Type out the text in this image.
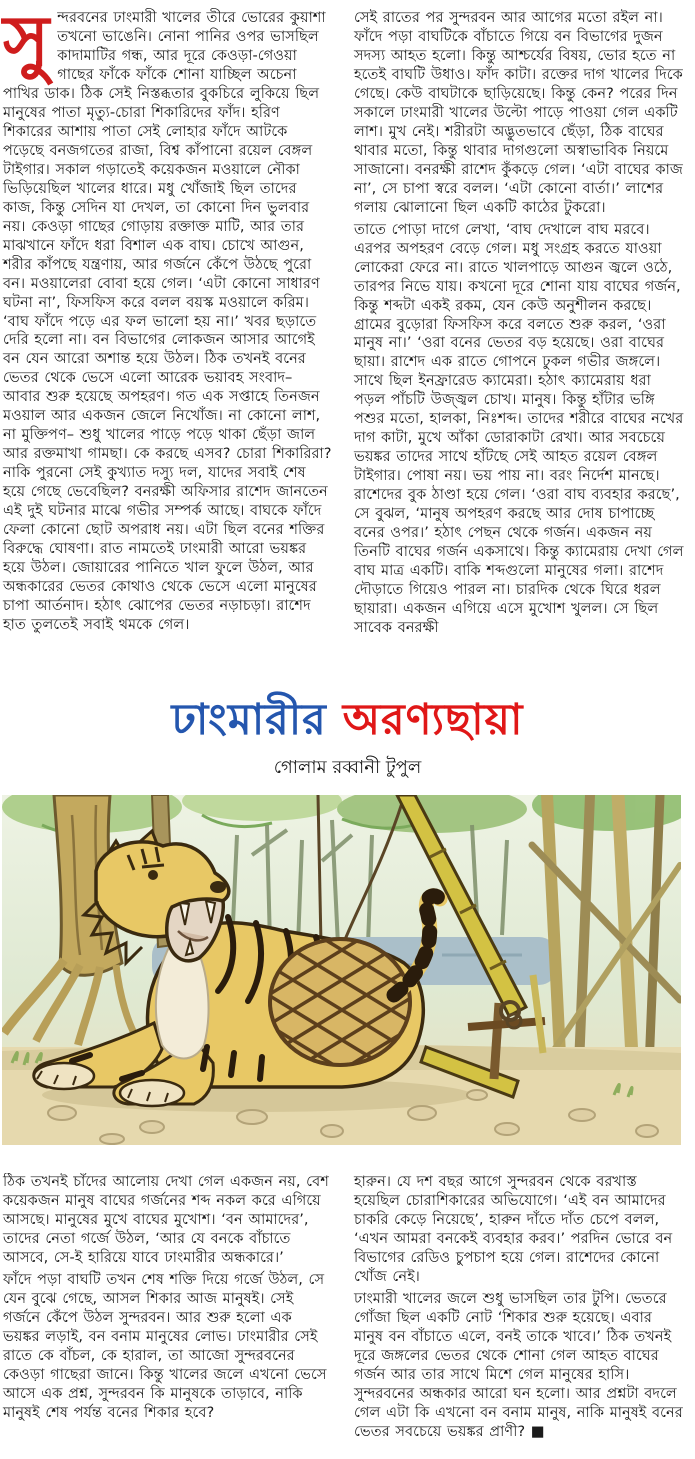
সুন্দরবনের ঢাংমারী খালের তীরে ভোরের কুয়াশা তখনো ভাঙেনি। নোনা পানির ওপর ভাসছিল কাদামাটির গন্ধ, আর দূরে কেওড়া-গেওয়া গাছের ফাঁকে ফাঁকে শোনা যাচ্ছিল অচেনা পাখির ডাক। ঠিক সেই নিস্তব্ধতার বুকচিরে লুকিয়ে ছিল মানুষের পাতা মৃত্যু-চোরা শিকারিদের ফাঁদ। হরিণ শিকারের আশায় পাতা সেই লোহার ফাঁদে আটকে পড়েছে বনজগতের রাজা, বিশ্ব কাঁপানো রয়েল বেঙ্গল টাইগার। সকাল গড়াতেই কয়েকজন মওয়ালে নৌকা ভিড়িয়েছিল খালের ধারে। মধু খোঁজাই ছিল তাদের কাজ, কিন্তু সেদিন যা দেখল, তা কোনো দিন ভুলবার নয়। কেওড়া গাছের গোড়ায় রক্তাক্ত মাটি, আর তার মাঝখানে ফাঁদে ধরা বিশাল এক বাঘ। চোখে আগুন, শরীর কাঁপছে যন্ত্রণায়, আর গর্জনে কেঁপে উঠছে পুরো বন। মওয়ালেরা বোবা হয়ে গেল। ‘এটা কোনো সাধারণ ঘটনা না’, ফিসফিস করে বলল বয়স্ক মওয়ালে করিম। ‘বাঘ ফাঁদে পড়ে এর ফল ভালো হয় না।’ খবর ছড়াতে দেরি হলো না। বন বিভাগের লোকজন আসার আগেই বন যেন আরো অশান্ত হয়ে উঠল। ঠিক তখনই বনের ভেতর থেকে ভেসে এলো আরেক ভয়াবহ সংবাদ– আবার শুরু হয়েছে অপহরণ। গত এক সপ্তাহে তিনজন মওয়াল আর একজন জেলে নিখোঁজ। না কোনো লাশ, না মুক্তিপণ– শুধু খালের পাড়ে পড়ে থাকা ছেঁড়া জাল আর রক্তমাখা গামছা। কে করছে এসব? চোরা শিকারিরা? নাকি পুরনো সেই কুখ্যাত দস্যু দল, যাদের সবাই শেষ হয়ে গেছে ভেবেছিল? বনরক্ষী অফিসার রাশেদ জানতেন এই দুই ঘটনার মাঝে গভীর সম্পর্ক আছে। বাঘকে ফাঁদে ফেলা কোনো ছোট অপরাধ নয়। এটা ছিল বনের শক্তির বিরুদ্ধে ঘোষণা। রাত নামতেই ঢাংমারী আরো ভয়ঙ্কর হয়ে উঠল। জোয়ারের পানিতে খাল ফুলে উঠল, আর অন্ধকারের ভেতর কোথাও থেকে ভেসে এলো মানুষের চাপা আর্তনাদ। হঠাৎ ঝোপের ভেতর নড়াচড়া। রাশেদ হাত তুলতেই সবাই থমকে গেল।

সেই রাতের পর সুন্দরবন আর আগের মতো রইল না। ফাঁদে পড়া বাঘটিকে বাঁচাতে গিয়ে বন বিভাগের দুজন সদস্য আহত হলো। কিন্তু আশ্চর্যের বিষয়, ভোর হতে না হতেই বাঘটি উধাও। ফাঁদ কাটা। রক্তের দাগ খালের দিকে গেছে। কেউ বাঘটাকে ছাড়িয়েছে। কিন্তু কেন? পরের দিন সকালে ঢাংমারী খালের উল্টো পাড়ে পাওয়া গেল একটি লাশ। মুখ নেই। শরীরটা অদ্ভুতভাবে ছেঁড়া, ঠিক বাঘের থাবার মতো, কিন্তু থাবার দাগগুলো অস্বাভাবিক নিয়মে সাজানো। বনরক্ষী রাশেদ কুঁকড়ে গেল। ‘এটা বাঘের কাজ না’, সে চাপা স্বরে বলল। ‘এটা কোনো বার্তা।’ লাশের গলায় ঝোলানো ছিল একটি কাঠের টুকরো।

তাতে পোড়া দাগে লেখা, ‘বাঘ দেখালে বাঘ মরবে। এরপর অপহরণ বেড়ে গেল। মধু সংগ্রহ করতে যাওয়া লোকেরা ফেরে না। রাতে খালপাড়ে আগুন জ্বলে ওঠে, তারপর নিভে যায়। কখনো দূরে শোনা যায় বাঘের গর্জন, কিন্তু শব্দটা একই রকম, যেন কেউ অনুশীলন করছে। গ্রামের বুড়োরা ফিসফিস করে বলতে শুরু করল, ‘ওরা মানুষ না।’ ‘ওরা বনের ভেতর বড় হয়েছে। ওরা বাঘের ছায়া। রাশেদ এক রাতে গোপনে ঢুকল গভীর জঙ্গলে। সাথে ছিল ইনফ্রারেড ক্যামেরা। হঠাৎ ক্যামেরায় ধরা পড়ল পাঁচটি উজ্জ্বল চোখ। মানুষ। কিন্তু হাঁটার ভঙ্গি পশুর মতো, হালকা, নিঃশব্দ। তাদের শরীরে বাঘের নখের দাগ কাটা, মুখে আঁকা ডোরাকাটা রেখা। আর সবচেয়ে ভয়ঙ্কর তাদের সাথে হাঁটছে সেই আহত রয়েল বেঙ্গল টাইগার। পোষা নয়। ভয় পায় না। বরং নির্দেশ মানছে। রাশেদের বুক ঠাণ্ডা হয়ে গেল। ‘ওরা বাঘ ব্যবহার করছে’, সে বুঝল, ‘মানুষ অপহরণ করছে আর দোষ চাপাচ্ছে বনের ওপর।’ হঠাৎ পেছন থেকে গর্জন। একজন নয় তিনটি বাঘের গর্জন একসাথে। কিন্তু ক্যামেরায় দেখা গেল বাঘ মাত্র একটি। বাকি শব্দগুলো মানুষের গলা। রাশেদ দৌড়াতে গিয়েও পারল না। চারদিক থেকে ঘিরে ধরল ছায়ারা। একজন এগিয়ে এসে মুখোশ খুলল। সে ছিল সাবেক বনরক্ষী

ঢাংমারীর অরণ্যছায়া
গোলাম রব্বানী টুপুল

ঠিক তখনই চাঁদের আলোয় দেখা গেল একজন নয়, বেশ কয়েকজন মানুষ বাঘের গর্জনের শব্দ নকল করে এগিয়ে আসছে। মানুষের মুখে বাঘের মুখোশ। ‘বন আমাদের’, তাদের নেতা গর্জে উঠল, ‘আর যে বনকে বাঁচাতে আসবে, সে-ই হারিয়ে যাবে ঢাংমারীর অন্ধকারে।’

ফাঁদে পড়া বাঘটি তখন শেষ শক্তি দিয়ে গর্জে উঠল, সে যেন বুঝে গেছে, আসল শিকার আজ মানুষই। সেই গর্জনে কেঁপে উঠল সুন্দরবন। আর শুরু হলো এক ভয়ঙ্কর লড়াই, বন বনাম মানুষের লোভ। ঢাংমারীর সেই রাতে কে বাঁচল, কে হারাল, তা আজো সুন্দরবনের কেওড়া গাছেরা জানে। কিন্তু খালের জলে এখনো ভেসে আসে এক প্রশ্ন, সুন্দরবন কি মানুষকে তাড়াবে, নাকি মানুষই শেষ পর্যন্ত বনের শিকার হবে?

হারুন। যে দশ বছর আগে সুন্দরবন থেকে বরখাস্ত হয়েছিল চোরাশিকারের অভিযোগে। ‘এই বন আমাদের চাকরি কেড়ে নিয়েছে’, হারুন দাঁতে দাঁত চেপে বলল, ‘এখন আমরা বনকেই ব্যবহার করব।’ পরদিন ভোরে বন বিভাগের রেডিও চুপচাপ হয়ে গেল। রাশেদের কোনো খোঁজ নেই।

ঢাংমারী খালের জলে শুধু ভাসছিল তার টুপি। ভেতরে গোঁজা ছিল একটি নোট ‘শিকার শুরু হয়েছে। এবার মানুষ বন বাঁচাতে এলে, বনই তাকে খাবে।’ ঠিক তখনই দূরে জঙ্গলের ভেতর থেকে শোনা গেল আহত বাঘের গর্জন আর তার সাথে মিশে গেল মানুষের হাসি। সুন্দরবনের অন্ধকার আরো ঘন হলো। আর প্রশ্নটা বদলে গেল এটা কি এখনো বন বনাম মানুষ, নাকি মানুষই বনের ভেতর সবচেয়ে ভয়ঙ্কর প্রাণী? ■
